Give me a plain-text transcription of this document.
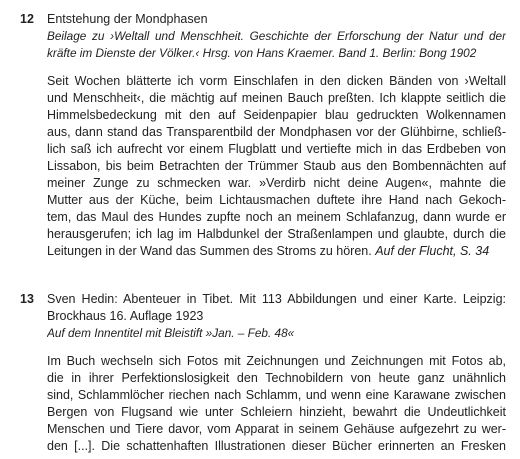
12	Entstehung der Mondphasen
Beilage zu ›Weltall und Menschheit. Geschichte der Erforschung der Natur und der
kräfte im Dienste der Völker.‹ Hrsg. von Hans Kraemer. Band 1. Berlin: Bong 1902
Seit Wochen blätterte ich vorm Einschlafen in den dicken Bänden von ›Weltall
und Menschheit‹, die mächtig auf meinen Bauch preßten. Ich klappte seitlich die
Himmelsbedeckung mit den auf Seidenpapier blau gedruckten Wolkennamen
aus, dann stand das Transparentbild der Mondphasen vor der Glühbirne, schließ-
lich saß ich aufrecht vor einem Flugblatt und vertiefte mich in das Erdbeben von
Lissabon, bis beim Betrachten der Trümmer Staub aus den Bombennächten auf
meiner Zunge zu schmecken war. »Verdirb nicht deine Augen«, mahnte die
Mutter aus der Küche, beim Lichtausmachen duftete ihre Hand nach Gekoch-
tem, das Maul des Hundes zupfte noch an meinem Schlafanzug, dann wurde er
herausgerufen; ich lag im Halbdunkel der Straßenlampen und glaubte, durch die
Leitungen in der Wand das Summen des Stroms zu hören. Auf der Flucht, S. 34
13	Sven Hedin: Abenteuer in Tibet. Mit 113 Abbildungen und einer Karte. Leipzig:
Brockhaus 16. Auflage 1923
Auf dem Innentitel mit Bleistift »Jan. – Feb. 48«
Im Buch wechseln sich Fotos mit Zeichnungen und Zeichnungen mit Fotos ab,
die in ihrer Perfektionslosigkeit den Technobildern von heute ganz unähnlich
sind, Schlammlöcher riechen nach Schlamm, und wenn eine Karawane zwischen
Bergen von Flugsand wie unter Schleiern hinzieht, bewahrt die Undeutlichkeit
Menschen und Tiere davor, vom Apparat in seinem Gehäuse aufgezehrt zu wer-
den [...]. Die schattenhaften Illustrationen dieser Bücher erinnerten an Fresken
